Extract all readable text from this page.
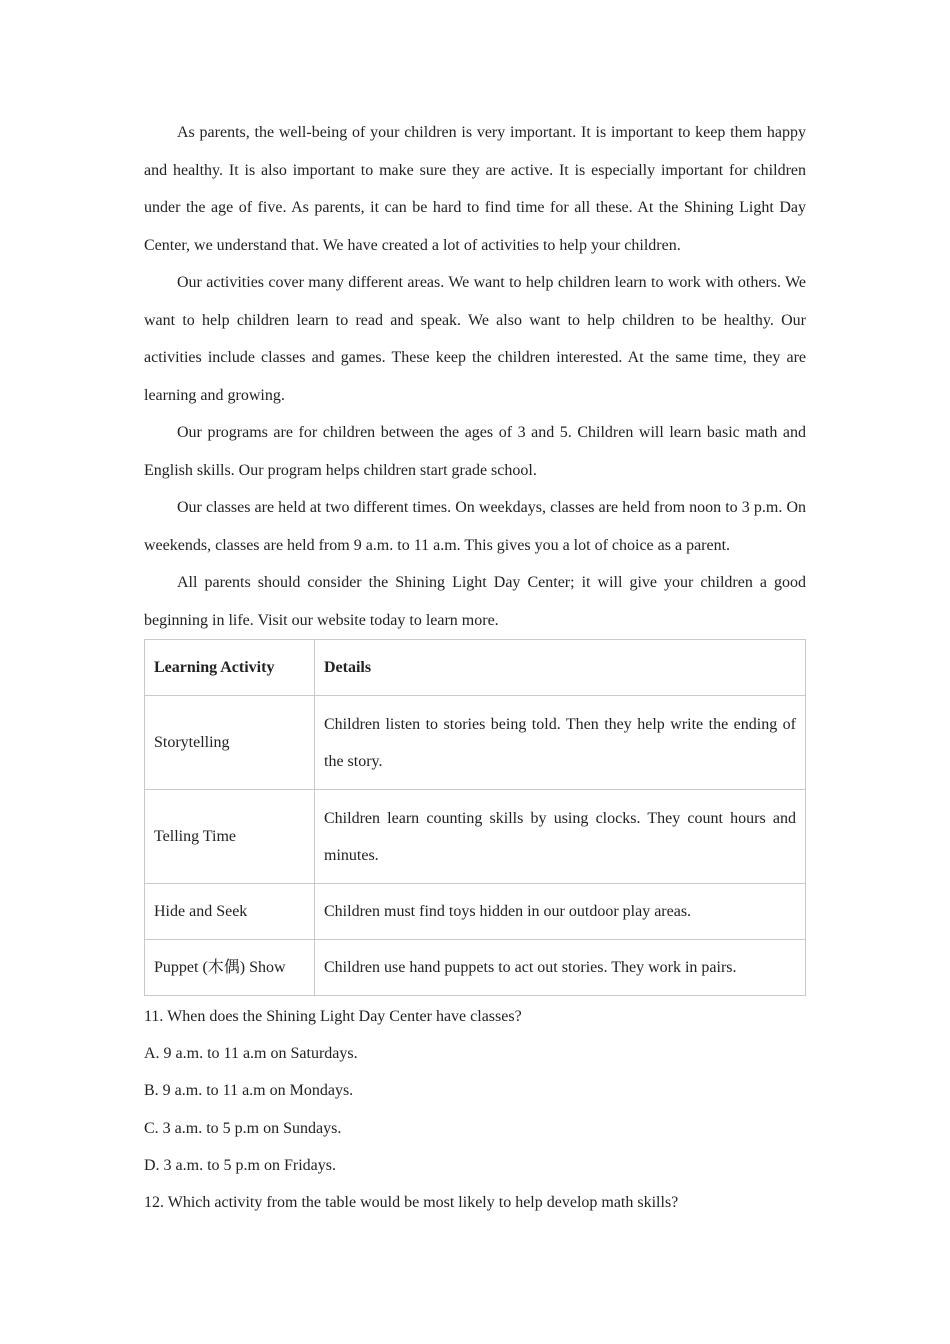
As parents, the well-being of your children is very important. It is important to keep them happy and healthy. It is also important to make sure they are active. It is especially important for children under the age of five. As parents, it can be hard to find time for all these. At the Shining Light Day Center, we understand that. We have created a lot of activities to help your children.

Our activities cover many different areas. We want to help children learn to work with others. We want to help children learn to read and speak. We also want to help children to be healthy. Our activities include classes and games. These keep the children interested. At the same time, they are learning and growing.

Our programs are for children between the ages of 3 and 5. Children will learn basic math and English skills. Our program helps children start grade school.

Our classes are held at two different times. On weekdays, classes are held from noon to 3 p.m. On weekends, classes are held from 9 a.m. to 11 a.m. This gives you a lot of choice as a parent.

All parents should consider the Shining Light Day Center; it will give your children a good beginning in life. Visit our website today to learn more.

Learning Activity	Details
Storytelling	Children listen to stories being told. Then they help write the ending of the story.
Telling Time	Children learn counting skills by using clocks. They count hours and minutes.
Hide and Seek	Children must find toys hidden in our outdoor play areas.
Puppet (木偶) Show	Children use hand puppets to act out stories. They work in pairs.

11. When does the Shining Light Day Center have classes?

A. 9 a.m. to 11 a.m on Saturdays.

B. 9 a.m. to 11 a.m on Mondays.

C. 3 a.m. to 5 p.m on Sundays.

D. 3 a.m. to 5 p.m on Fridays.

12. Which activity from the table would be most likely to help develop math skills?
